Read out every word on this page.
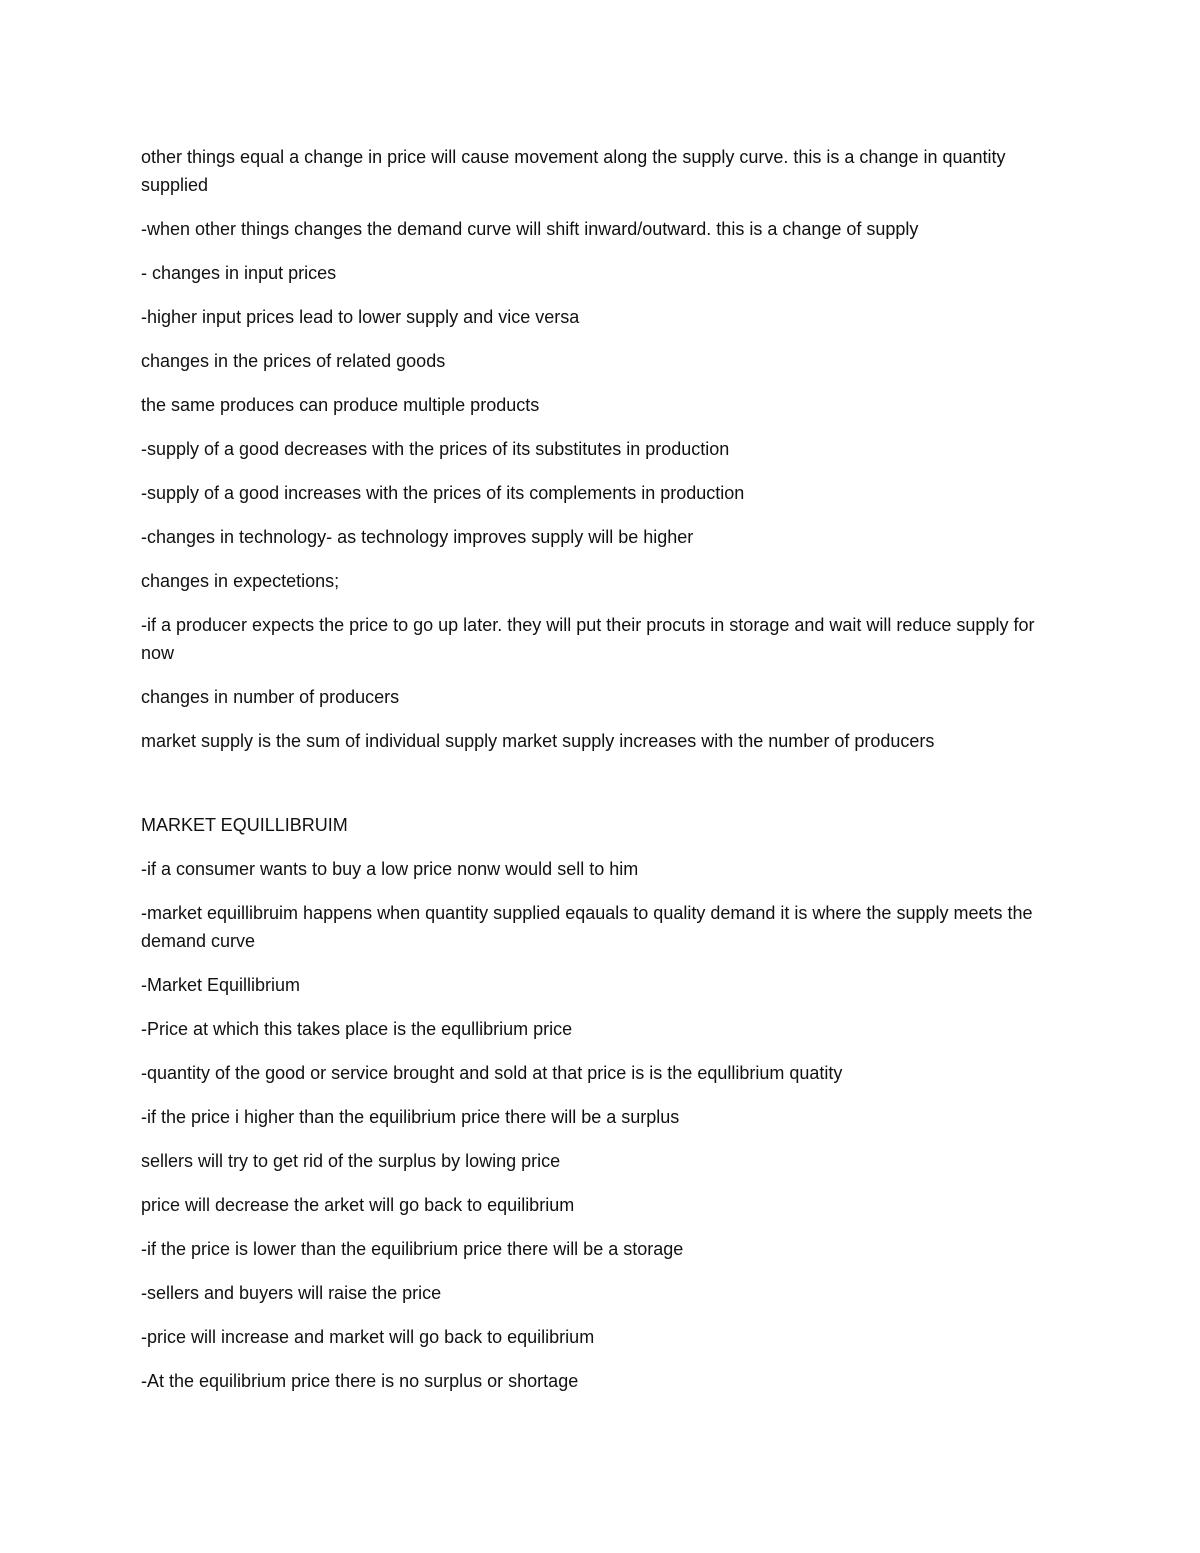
other things equal a change in price will cause movement along the supply curve. this is a change in quantity supplied

-when other things changes the demand curve will shift inward/outward. this is a change of supply

- changes in input prices

-higher input prices lead to lower supply and vice versa

changes in the prices of related goods

the same produces can produce multiple products

-supply of a good decreases with the prices of its substitutes in production

-supply of a good increases with the prices of its complements in production

-changes in technology- as technology improves supply will be higher

changes in expectetions;

-if a producer expects the price to go up later. they will put their procuts in storage and wait will reduce supply for now

changes in number of producers

market supply is the sum of individual supply market supply increases with the number of producers

MARKET EQUILLIBRUIM

-if a consumer wants to buy a low price nonw would sell to him

-market equillibruim happens when quantity supplied eqauals to quality demand it is where the supply meets the demand curve

-Market Equillibrium

-Price at which this takes place is the equllibrium price

-quantity of the good or service brought and sold at that price is is the equllibrium quatity

-if the price i higher than the equilibrium price there will be a surplus

sellers will try to get rid of the surplus by lowing price

price will decrease the arket will go back to equilibrium

-if the price is lower than the equilibrium price there will be a storage

-sellers and buyers will raise the price

-price will increase and market will go back to equilibrium

-At the equilibrium price there is no surplus or shortage
